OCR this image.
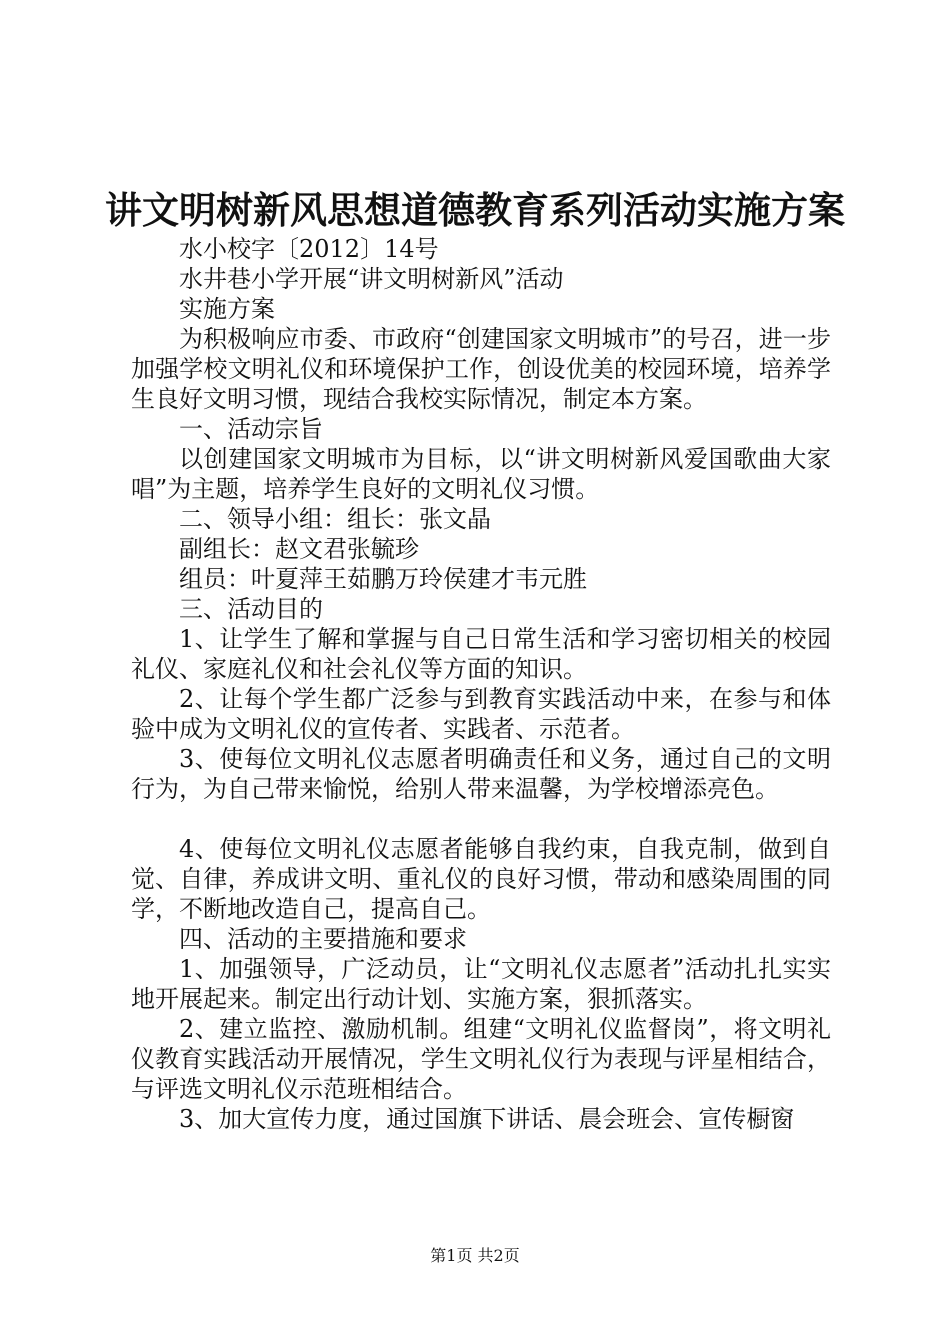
讲文明树新风思想道德教育系列活动实施方案

水小校字〔2012〕14号

水井巷小学开展“讲文明树新风”活动

实施方案

为积极响应市委、市政府“创建国家文明城市”的号召，进一步加强学校文明礼仪和环境保护工作，创设优美的校园环境，培养学生良好文明习惯，现结合我校实际情况，制定本方案。

一、活动宗旨

以创建国家文明城市为目标，以“讲文明树新风爱国歌曲大家唱”为主题，培养学生良好的文明礼仪习惯。

二、领导小组：组长：张文晶

副组长：赵文君张毓珍

组员：叶夏萍王茹鹏万玲侯建才韦元胜

三、活动目的

1、让学生了解和掌握与自己日常生活和学习密切相关的校园礼仪、家庭礼仪和社会礼仪等方面的知识。

2、让每个学生都广泛参与到教育实践活动中来，在参与和体验中成为文明礼仪的宣传者、实践者、示范者。

3、使每位文明礼仪志愿者明确责任和义务，通过自己的文明行为，为自己带来愉悦，给别人带来温馨，为学校增添亮色。

4、使每位文明礼仪志愿者能够自我约束，自我克制，做到自觉、自律，养成讲文明、重礼仪的良好习惯，带动和感染周围的同学，不断地改造自己，提高自己。

四、活动的主要措施和要求

1、加强领导，广泛动员，让“文明礼仪志愿者”活动扎扎实实地开展起来。制定出行动计划、实施方案，狠抓落实。

2、建立监控、激励机制。组建“文明礼仪监督岗”，将文明礼仪教育实践活动开展情况，学生文明礼仪行为表现与评星相结合，与评选文明礼仪示范班相结合。

3、加大宣传力度，通过国旗下讲话、晨会班会、宣传橱窗

第1页 共2页
